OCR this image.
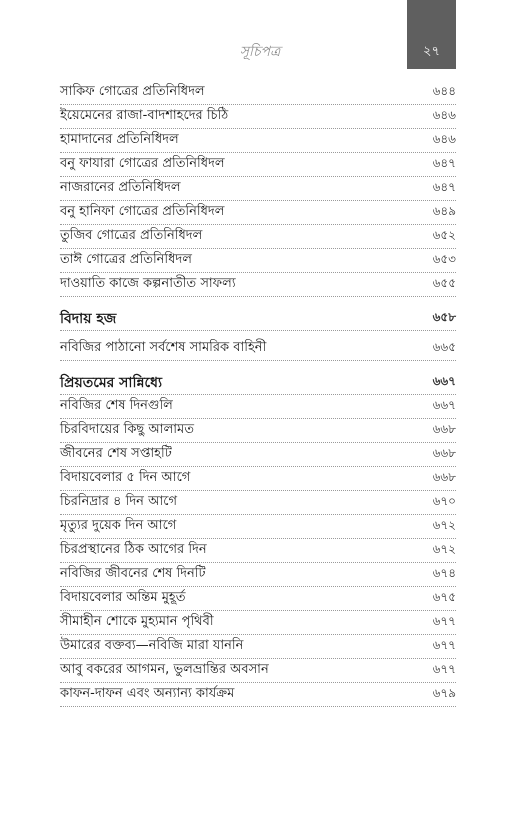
সূচিপত্র	২৭
সাকিফ গোত্রের প্রতিনিধিদল	৬৪৪
ইয়েমেনের রাজা-বাদশাহদের চিঠি	৬৪৬
হামাদানের প্রতিনিধিদল	৬৪৬
বনু ফাযারা গোত্রের প্রতিনিধিদল	৬৪৭
নাজরানের প্রতিনিধিদল	৬৪৭
বনু হানিফা গোত্রের প্রতিনিধিদল	৬৪৯
তুজিব গোত্রের প্রতিনিধিদল	৬৫২
তাঈ গোত্রের প্রতিনিধিদল	৬৫৩
দাওয়াতি কাজে কল্পনাতীত সাফল্য	৬৫৫
বিদায় হজ	৬৫৮
নবিজির পাঠানো সর্বশেষ সামরিক বাহিনী	৬৬৫
প্রিয়তমের সান্নিধ্যে	৬৬৭
নবিজির শেষ দিনগুলি	৬৬৭
চিরবিদায়ের কিছু আলামত	৬৬৮
জীবনের শেষ সপ্তাহটি	৬৬৮
বিদায়বেলার ৫ দিন আগে	৬৬৮
চিরনিদ্রার ৪ দিন আগে	৬৭০
মৃত্যুর দুয়েক দিন আগে	৬৭২
চিরপ্রস্থানের ঠিক আগের দিন	৬৭২
নবিজির জীবনের শেষ দিনটি	৬৭৪
বিদায়বেলার অন্তিম মুহূর্ত	৬৭৫
সীমাহীন শোকে মুহ্যমান পৃথিবী	৬৭৭
উমারের বক্তব্য—নবিজি মারা যাননি	৬৭৭
আবু বকরের আগমন, ভুলভ্রান্তির অবসান	৬৭৭
কাফন-দাফন এবং অন্যান্য কার্যক্রম	৬৭৯
